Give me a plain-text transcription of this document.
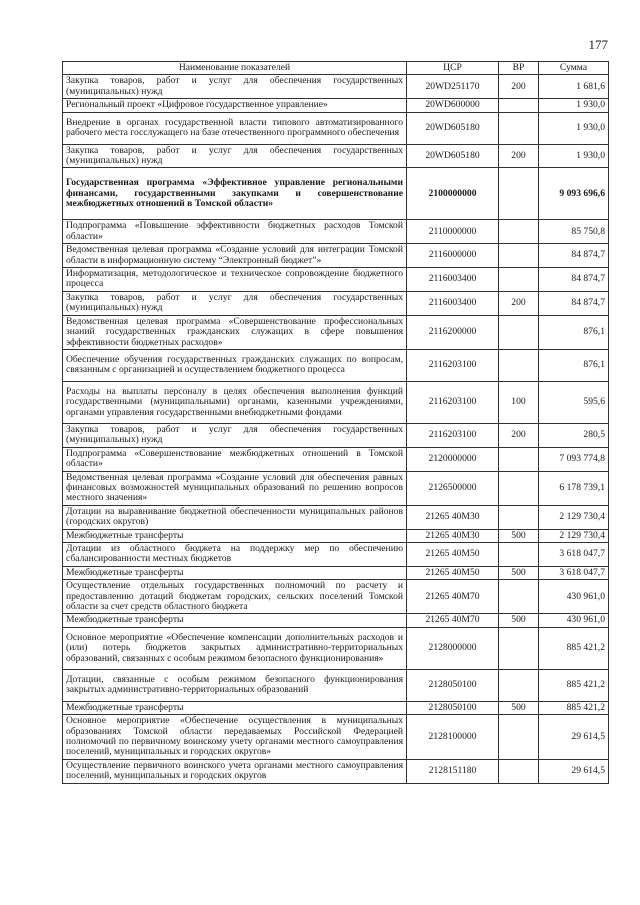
177
Наименование показателей	ЦСР	ВР	Сумма
Закупка товаров, работ и услуг для обеспечения государственных (муниципальных) нужд	20WD251170	200	1 681,6
Региональный проект «Цифровое государственное управление»	20WD600000		1 930,0
Внедрение в органах государственной власти типового автоматизированного рабочего места госслужащего на базе отечественного программного обеспечения	20WD605180		1 930,0
Закупка товаров, работ и услуг для обеспечения государственных (муниципальных) нужд	20WD605180	200	1 930,0
Государственная программа «Эффективное управление региональными финансами, государственными закупками и совершенствование межбюджетных отношений в Томской области»	2100000000		9 093 696,6
Подпрограмма «Повышение эффективности бюджетных расходов Томской области»	2110000000		85 750,8
Ведомственная целевая программа «Создание условий для интеграции Томской области в информационную систему “Электронный бюджет”»	2116000000		84 874,7
Информатизация, методологическое и техническое сопровождение бюджетного процесса	2116003400		84 874,7
Закупка товаров, работ и услуг для обеспечения государственных (муниципальных) нужд	2116003400	200	84 874,7
Ведомственная целевая программа «Совершенствование профессиональных знаний государственных гражданских служащих в сфере повышения эффективности бюджетных расходов»	2116200000		876,1
Обеспечение обучения государственных гражданских служащих по вопросам, связанным с организацией и осуществлением бюджетного процесса	2116203100		876,1
Расходы на выплаты персоналу в целях обеспечения выполнения функций государственными (муниципальными) органами, казенными учреждениями, органами управления государственными внебюджетными фондами	2116203100	100	595,6
Закупка товаров, работ и услуг для обеспечения государственных (муниципальных) нужд	2116203100	200	280,5
Подпрограмма «Совершенствование межбюджетных отношений в Томской области»	2120000000		7 093 774,8
Ведомственная целевая программа «Создание условий для обеспечения равных финансовых возможностей муниципальных образований по решению вопросов местного значения»	2126500000		6 178 739,1
Дотации на выравнивание бюджетной обеспеченности муниципальных районов (городских округов)	21265 40М30		2 129 730,4
Межбюджетные трансферты	21265 40М30	500	2 129 730,4
Дотации из областного бюджета на поддержку мер по обеспечению сбалансированности местных бюджетов	21265 40М50		3 618 047,7
Межбюджетные трансферты	21265 40М50	500	3 618 047,7
Осуществление отдельных государственных полномочий по расчету и предоставлению дотаций бюджетам городских, сельских поселений Томской области за счет средств областного бюджета	21265 40М70		430 961,0
Межбюджетные трансферты	21265 40М70	500	430 961,0
Основное мероприятие «Обеспечение компенсации дополнительных расходов и (или) потерь бюджетов закрытых административно-территориальных образований, связанных с особым режимом безопасного функционирования»	2128000000		885 421,2
Дотации, связанные с особым режимом безопасного функционирования закрытых административно-территориальных образований	2128050100		885 421,2
Межбюджетные трансферты	2128050100	500	885 421,2
Основное мероприятие «Обеспечение осуществления в муниципальных образованиях Томской области передаваемых Российской Федерацией полномочий по первичному воинскому учету органами местного самоуправления поселений, муниципальных и городских округов»	2128100000		29 614,5
Осуществление первичного воинского учета органами местного самоуправления поселений, муниципальных и городских округов	2128151180		29 614,5
